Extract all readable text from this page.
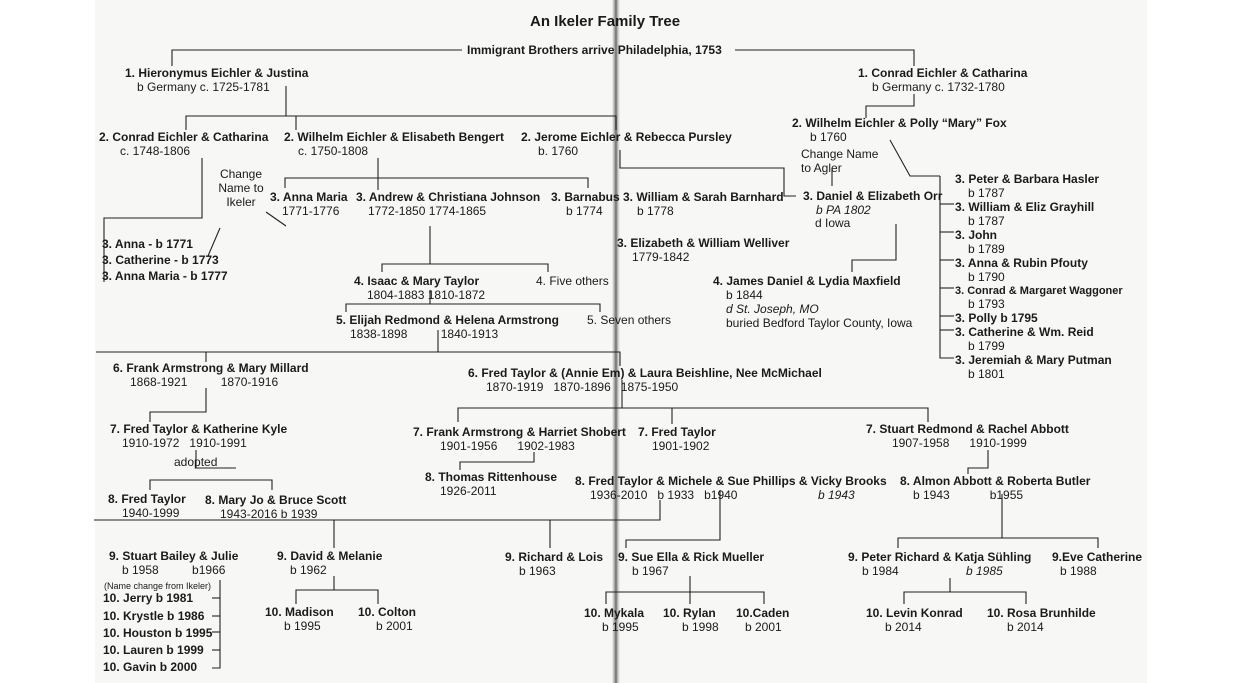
An Ikeler Family Tree
Immigrant Brothers arrive Philadelphia, 1753
1. Hieronymus Eichler & Justina
b Germany c. 1725-1781
1. Conrad Eichler & Catharina
b Germany c. 1732-1780
2. Conrad Eichler & Catharina
c. 1748-1806
2. Wilhelm Eichler & Elisabeth Bengert
c. 1750-1808
2. Jerome Eichler & Rebecca Pursley
b. 1760
2. Wilhelm Eichler & Polly “Mary” Fox
b 1760
Change Name to Ikeler
Change Name to Agler
3. Anna Maria
1771-1776
3. Andrew & Christiana Johnson
1772-1850 1774-1865
3. Barnabus
b 1774
3. William & Sarah Barnhard
b 1778
3. Daniel & Elizabeth Orr
b PA 1802
d Iowa
3. Anna - b 1771
3. Catherine - b 1773
3. Anna Maria - b 1777
3. Elizabeth & William Welliver
1779-1842
3. Peter & Barbara Hasler
b 1787
3. William & Eliz Grayhill
b 1787
3. John
b 1789
3. Anna & Rubin Pfouty
b 1790
3. Conrad & Margaret Waggoner
b 1793
3. Polly b 1795
3. Catherine & Wm. Reid
b 1799
3. Jeremiah & Mary Putman
b 1801
4. Isaac & Mary Taylor
1804-1883 1810-1872
4. Five others	4. James Daniel & Lydia Maxfield
b 1844
d St. Joseph, MO
buried Bedford Taylor County, Iowa
5. Elijah Redmond & Helena Armstrong
1838-1898          1840-1913
5. Seven others
6. Frank Armstrong & Mary Millard
1868-1921          1870-1916
6. Fred Taylor & (Annie Em) & Laura Beishline, Nee McMichael
1870-1919   1870-1896   1875-1950
7. Fred Taylor & Katherine Kyle
1910-1972   1910-1991
adopted
7. Frank Armstrong & Harriet Shobert
1901-1956      1902-1983
7. Fred Taylor
1901-1902
7. Stuart Redmond & Rachel Abbott
1907-1958      1910-1999
8. Fred Taylor
1940-1999
8. Mary Jo & Bruce Scott
1943-2016 b 1939
8. Thomas Rittenhouse
1926-2011
8. Fred Taylor & Michele & Sue Phillips & Vicky Brooks
1936-2010   b 1933   b1940	b 1943
8. Almon Abbott & Roberta Butler
b 1943            b1955
9. Stuart Bailey & Julie
b 1958          b1966
(Name change from Ikeler)
9. David & Melanie
b 1962
9. Richard & Lois
b 1963
9. Sue Ella & Rick Mueller
b 1967
9. Peter Richard & Katja Sühling
b 1984	b 1985
9.Eve Catherine
b 1988
10. Jerry b 1981
10. Krystle b 1986
10. Houston b 1995
10. Lauren b 1999
10. Gavin b 2000
10. Madison
b 1995
10. Colton
b 2001
10. Mykala
b 1995
10. Rylan
b 1998
10.Caden
b 2001
10. Levin Konrad
b 2014
10. Rosa Brunhilde
b 2014
